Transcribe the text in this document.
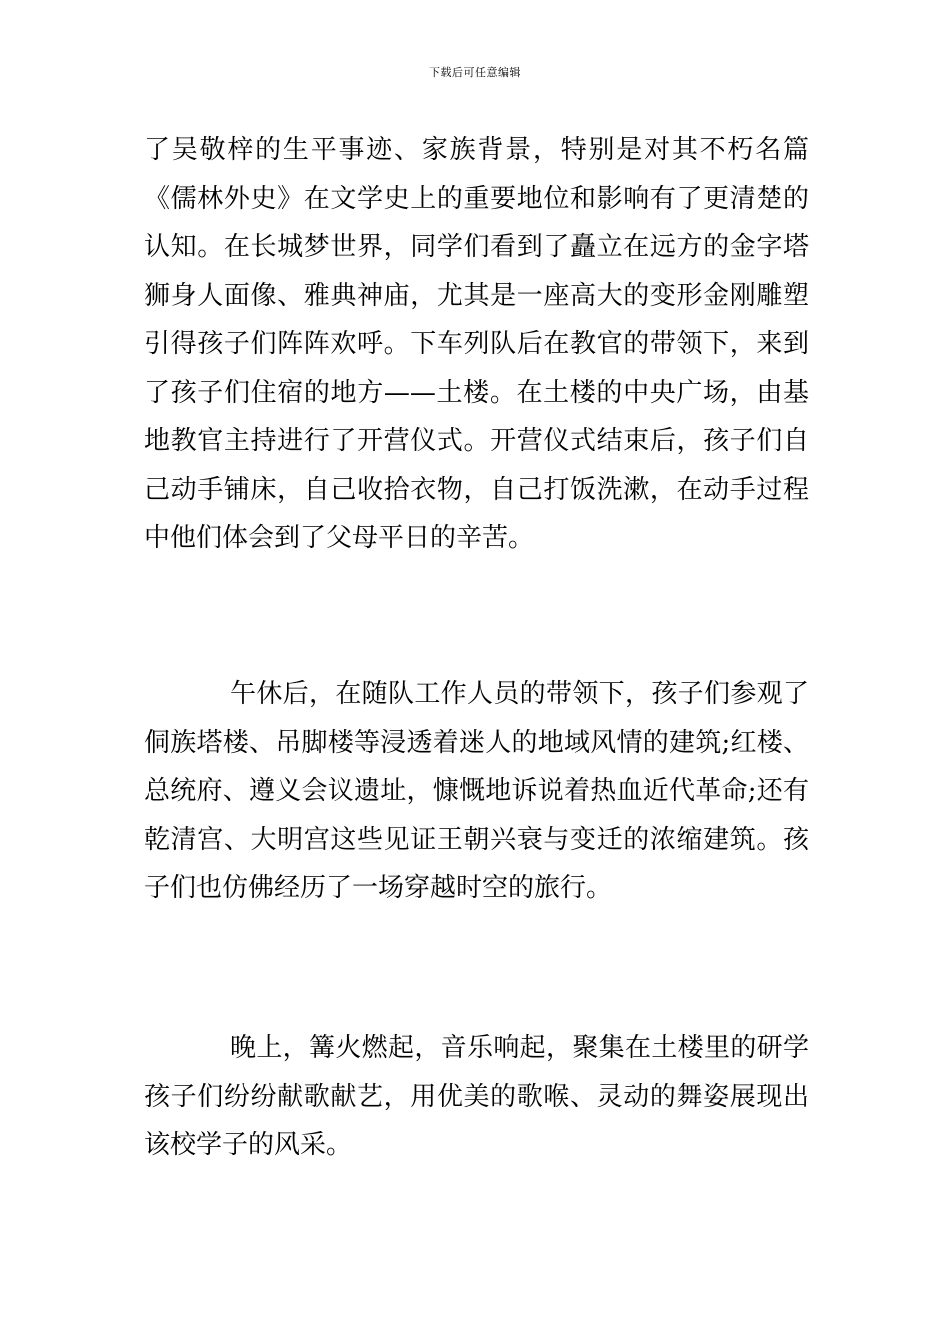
下载后可任意编辑
了吴敬梓的生平事迹、家族背景，特别是对其不朽名篇
《儒林外史》在文学史上的重要地位和影响有了更清楚的
认知。在长城梦世界，同学们看到了矗立在远方的金字塔
狮身人面像、雅典神庙，尤其是一座高大的变形金刚雕塑
引得孩子们阵阵欢呼。下车列队后在教官的带领下，来到
了孩子们住宿的地方——土楼。在土楼的中央广场，由基
地教官主持进行了开营仪式。开营仪式结束后，孩子们自
己动手铺床，自己收拾衣物，自己打饭洗漱，在动手过程
中他们体会到了父母平日的辛苦。
午休后，在随队工作人员的带领下，孩子们参观了
侗族塔楼、吊脚楼等浸透着迷人的地域风情的建筑;红楼、
总统府、遵义会议遗址，慷慨地诉说着热血近代革命;还有
乾清宫、大明宫这些见证王朝兴衰与变迁的浓缩建筑。孩
子们也仿佛经历了一场穿越时空的旅行。
晚上，篝火燃起，音乐响起，聚集在土楼里的研学
孩子们纷纷献歌献艺，用优美的歌喉、灵动的舞姿展现出
该校学子的风采。
